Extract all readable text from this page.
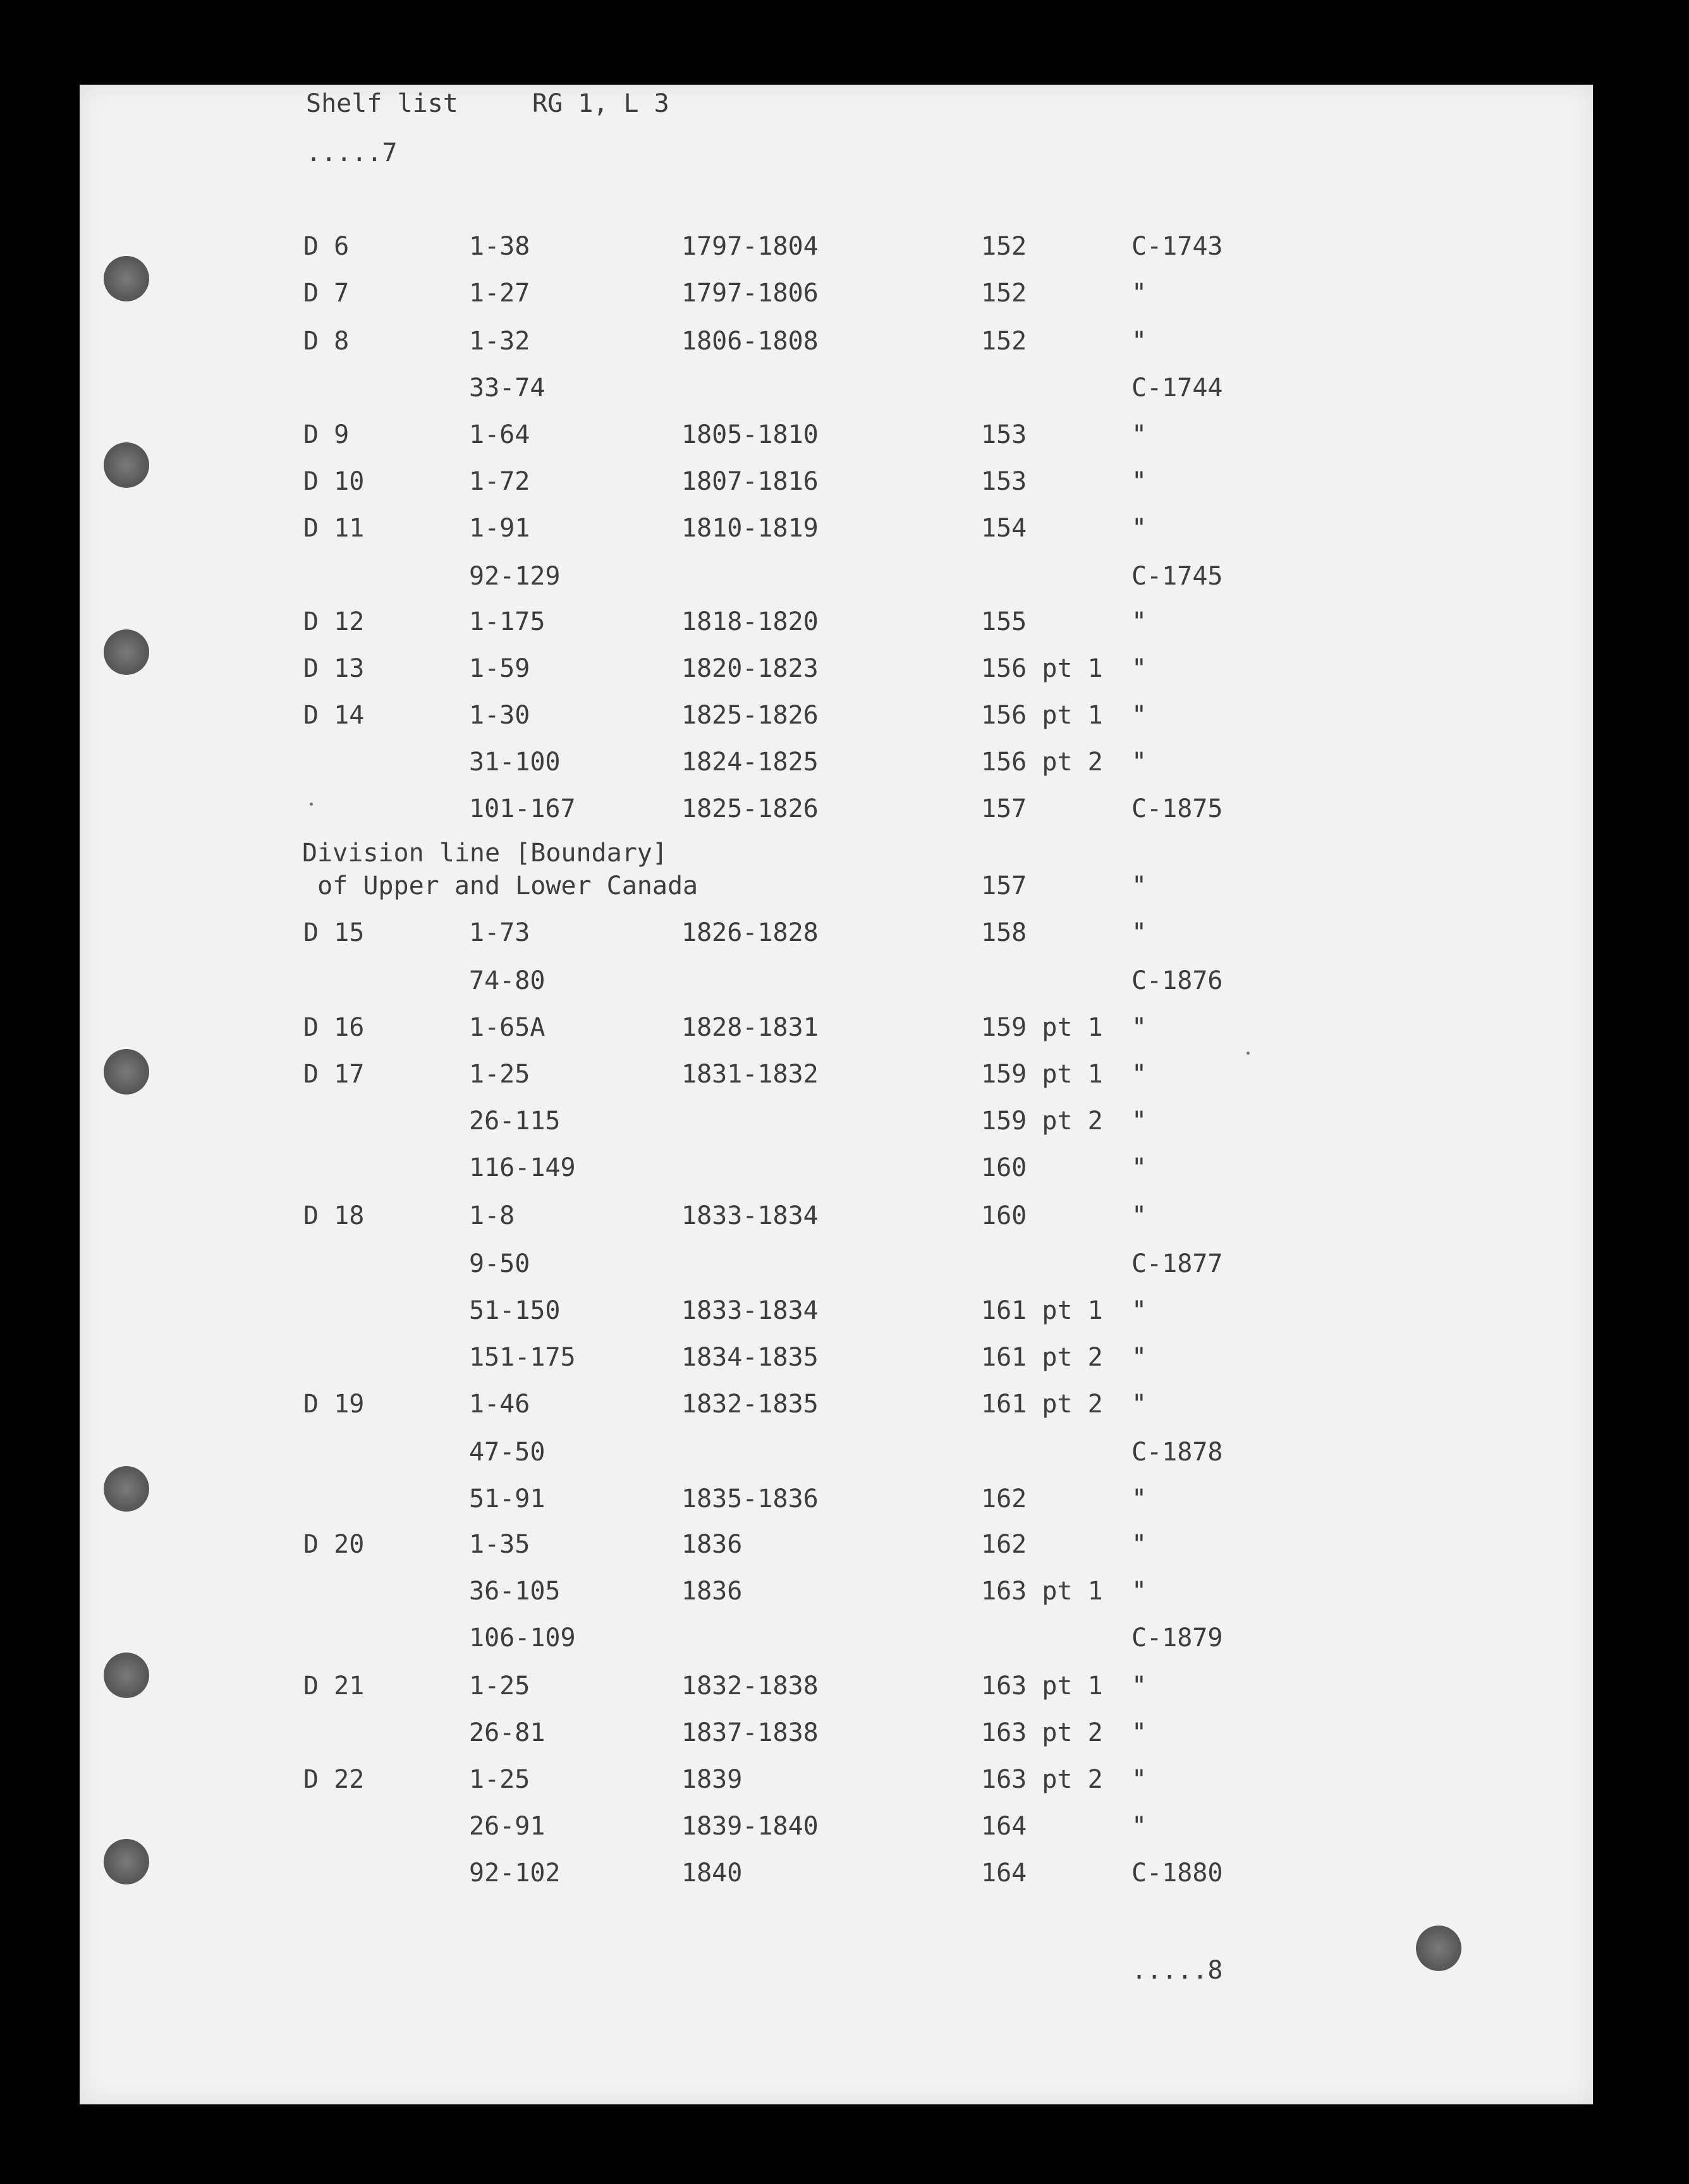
Shelf list	RG 1, L 3
.....7
D 6	1-38	1797-1804	152	C-1743
D 7	1-27	1797-1806	152	"
D 8	1-32	1806-1808	152	"
33-74	C-1744
D 9	1-64	1805-1810	153	"
D 10	1-72	1807-1816	153	"
D 11	1-91	1810-1819	154	"
92-129	C-1745
D 12	1-175	1818-1820	155	"
D 13	1-59	1820-1823	156 pt 1 "
D 14	1-30	1825-1826	156 pt 1 "
31-100	1824-1825	156 pt 2 "
101-167	1825-1826	157	C-1875
D 15	1-73	1826-1828	158	"
74-80	C-1876
D 16	1-65A	1828-1831	159 pt 1 "
D 17	1-25	1831-1832	159 pt 1 "
26-115	159 pt 2 "
116-149	160	"
D 18	1-8	1833-1834	160	"
9-50	C-1877
51-150	1833-1834	161 pt 1 "
151-175	1834-1835	161 pt 2 "
D 19	1-46	1832-1835	161 pt 2 "
47-50	C-1878
51-91	1835-1836	162	"
D 20	1-35	1836	162	"
36-105	1836	163 pt 1 "
106-109	C-1879
D 21	1-25	1832-1838	163 pt 1 "
26-81	1837-1838	163 pt 2 "
D 22	1-25	1839	163 pt 2 "
26-91	1839-1840	164	"
92-102	1840	164	C-1880
Division line [Boundary]
of Upper and Lower Canada	157	"
.....8
